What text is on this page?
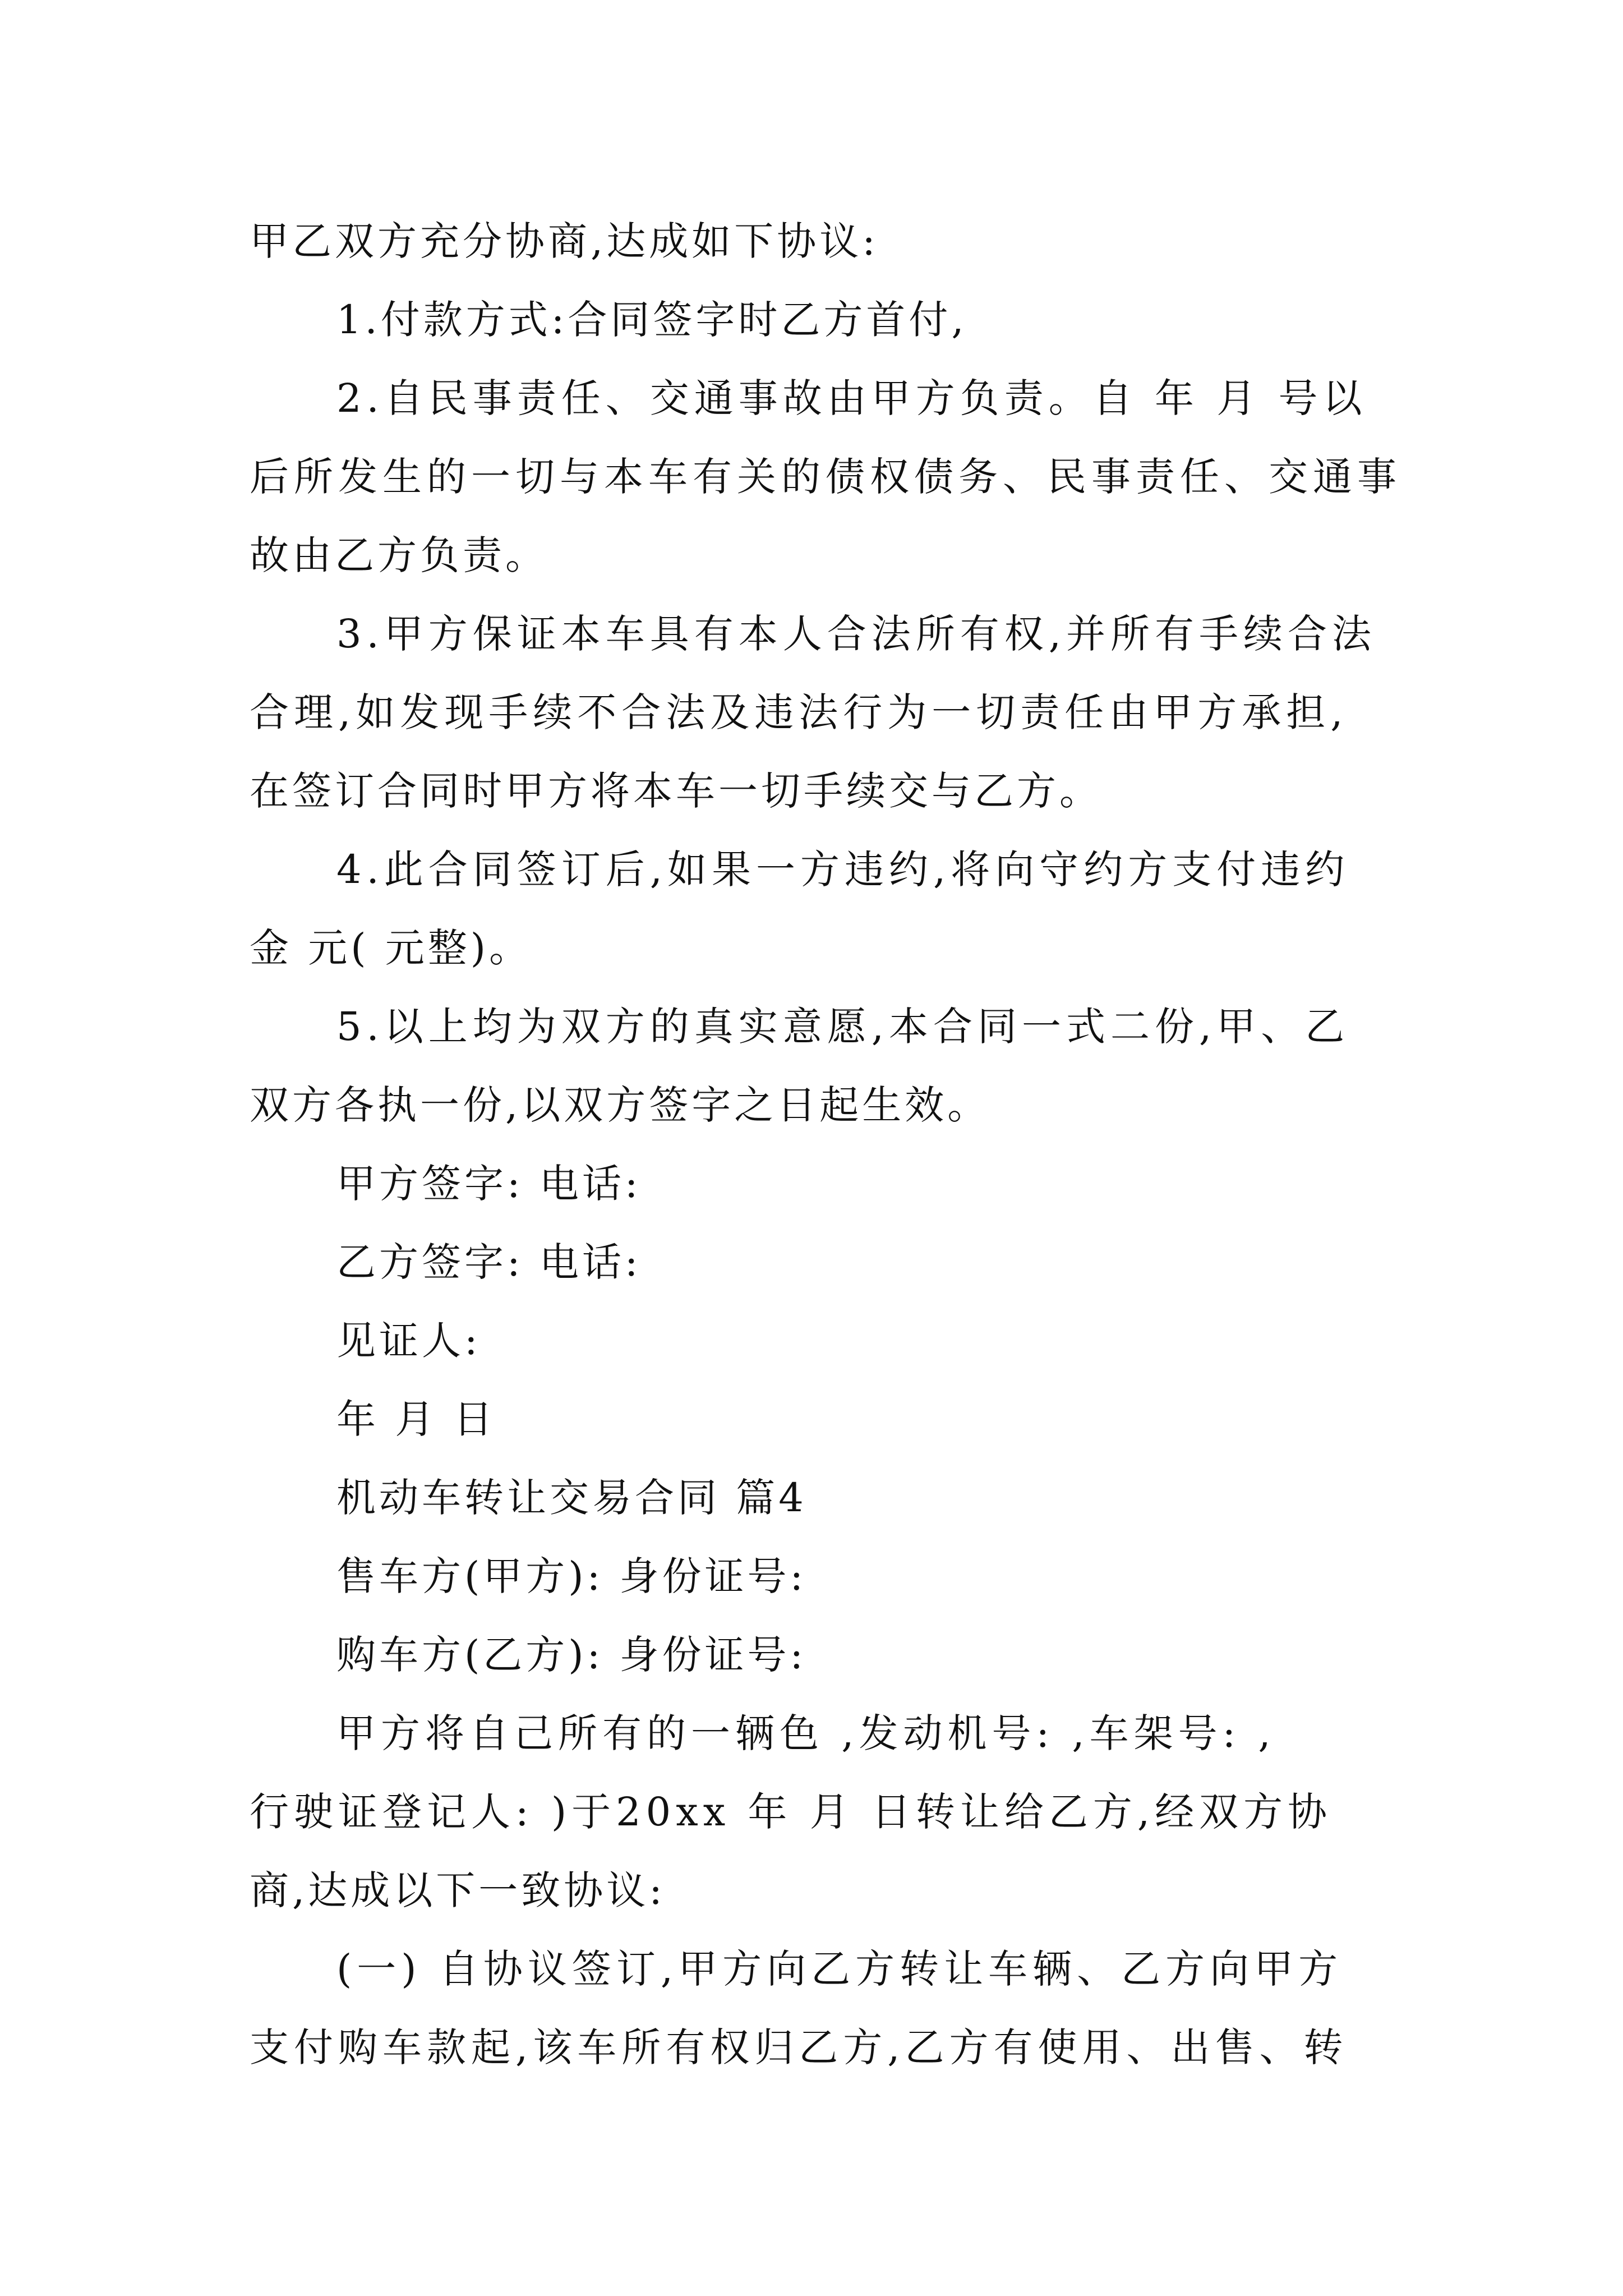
甲乙双方充分协商,达成如下协议:
1.付款方式:合同签字时乙方首付,
2.自民事责任、交通事故由甲方负责。自 年 月 号以
后所发生的一切与本车有关的债权债务、民事责任、交通事
故由乙方负责。
3.甲方保证本车具有本人合法所有权,并所有手续合法
合理,如发现手续不合法及违法行为一切责任由甲方承担,
在签订合同时甲方将本车一切手续交与乙方。
4.此合同签订后,如果一方违约,将向守约方支付违约
金 元( 元整)。
5.以上均为双方的真实意愿,本合同一式二份,甲、乙
双方各执一份,以双方签字之日起生效。
甲方签字: 电话:
乙方签字: 电话:
见证人:
年 月 日
机动车转让交易合同 篇4
售车方(甲方): 身份证号:
购车方(乙方): 身份证号:
甲方将自己所有的一辆色 ,发动机号: ,车架号: ,
行驶证登记人: )于20xx 年 月 日转让给乙方,经双方协
商,达成以下一致协议:
(一) 自协议签订,甲方向乙方转让车辆、乙方向甲方
支付购车款起,该车所有权归乙方,乙方有使用、出售、转
